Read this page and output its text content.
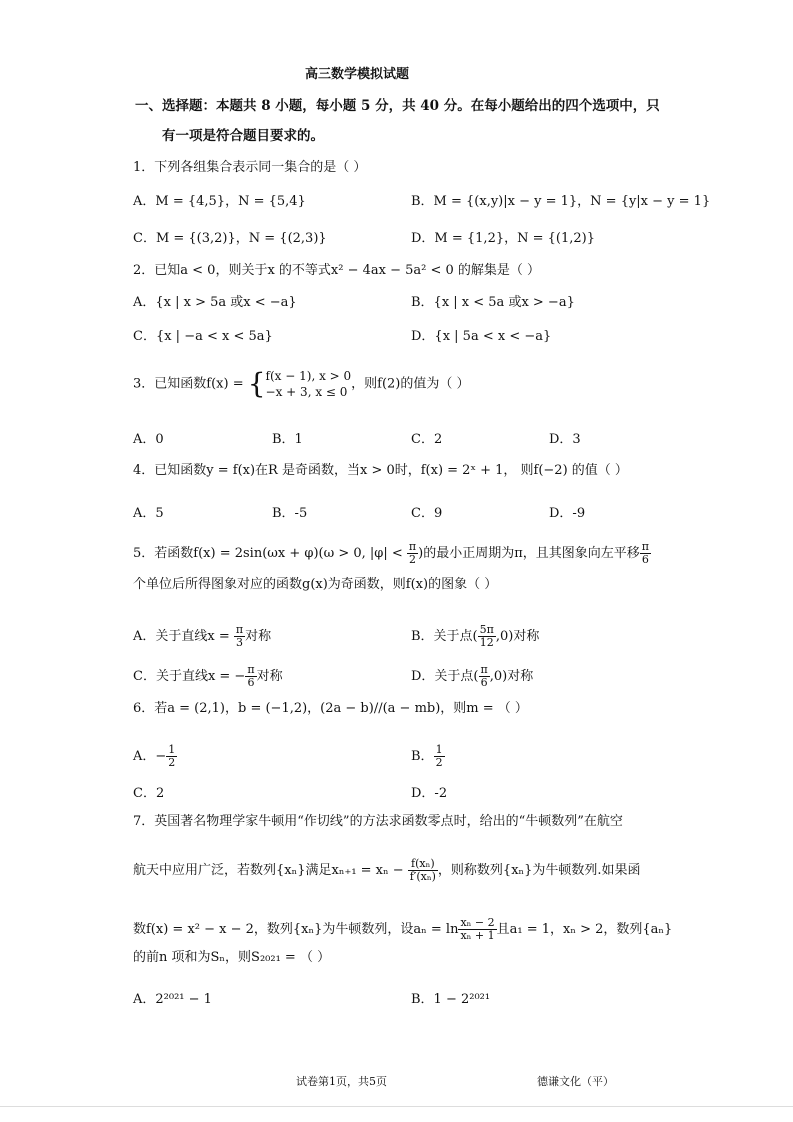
高三数学模拟试题
一、选择题：本题共 8 小题，每小题 5 分，共 40 分。在每小题给出的四个选项中，只
有一项是符合题目要求的。
1．下列各组集合表示同一集合的是（ ）
A．M = {4,5}，N = {5,4}	B．M = {(x,y)|x − y = 1}，N = {y|x − y = 1}
C．M = {(3,2)}，N = {(2,3)}	D．M = {1,2}，N = {(1,2)}
2．已知a < 0，则关于x 的不等式x² − 4ax − 5a² < 0 的解集是（ ）
A．{x | x > 5a 或x < −a}	B．{x | x < 5a 或x > −a}
C．{x | −a < x < 5a}	D．{x | 5a < x < −a}
3．已知函数f(x) = { f(x − 1), x > 0
−x + 3, x ≤ 0
，则f(2)的值为（ ）
A．0	B．1	C．2	D．3
4．已知函数y = f(x)在R 是奇函数，当x > 0时，f(x) = 2ˣ + 1， 则f(−2) 的值（ ）
A．5	B．-5	C．9	D．-9
5．若函数f(x) = 2sin(ωx + φ)(ω > 0, $|\varphi| < \frac{\pi}{2}$ )的最小正周期为π，且其图象向左平移 $\frac{\pi}{6}$
个单位后所得图象对应的函数g(x)为奇函数，则f(x)的图象（ ）
A．关于直线$x = \frac{\pi}{3}$ 对称	B．关于点( $\frac{5\pi}{12} ,0$)对称
C．关于直线x = − $\frac{\pi}{6}$ 对称	D．关于点( $\frac{\pi}{6} ,0$)对称
6．若a = (2,1)，b = (−1,2)，(2a − b)//(a − mb)，则m = （ ）
A．− $\frac{1}{2}$	B． $\frac{1}{2}$
C．2	D．-2
7．英国著名物理学家牛顿用“作切线”的方法求函数零点时，给出的“牛顿数列”在航空
航天中应用广泛，若数列{xₙ}满足$x_{n+1} = x_n - \frac{\text{f(xₙ)}}{\text{f′(xₙ)}}$ ，则称数列{xₙ}为牛顿数列.如果函
数f(x) = x² − x − 2，数列{xₙ}为牛顿数列，设$a_n = \ln \frac{\text{xₙ − 2}}{\text{xₙ + 1}}$ 且a₁ = 1，xₙ > 2，数列{aₙ}
的前n 项和为Sₙ，则S₂₀₂₁ = （ ）
A．2²⁰²¹ − 1	B．1 − 2²⁰²¹
试卷第1页，共5页	德谦文化（平）
